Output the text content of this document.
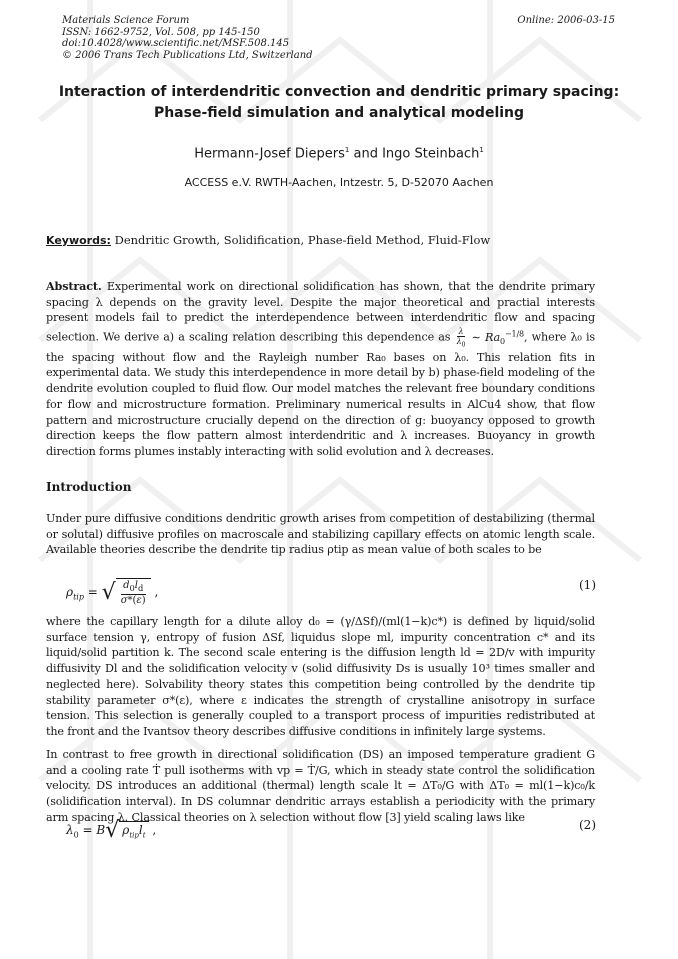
Materials Science Forum
ISSN: 1662-9752, Vol. 508, pp 145-150
doi:10.4028/www.scientific.net/MSF.508.145
© 2006 Trans Tech Publications Ltd, Switzerland
Online: 2006-03-15
Interaction of interdendritic convection and dendritic primary spacing:
Phase-field simulation and analytical modeling
Hermann-Josef Diepers$^1$ and Ingo Steinbach$^1$
ACCESS e.V. RWTH-Aachen, Intzestr. 5, D-52070 Aachen
Keywords: Dendritic Growth, Solidification, Phase-field Method, Fluid-Flow
Abstract. Experimental work on directional solidification has shown, that the dendrite primary spacing λ depends on the gravity level. Despite the major theoretical and practial interests present models fail to predict the interdependence between interdendritic flow and spacing selection. We derive a) a scaling relation describing this dependence as $\frac{\lambda}{\lambda_0}$ ∼ $Ra_0^{-1/8}$, where λ₀ is the spacing without flow and the Rayleigh number Ra₀ bases on λ₀. This relation fits in experimental data. We study this interdependence in more detail by b) phase-field modeling of the dendrite evolution coupled to fluid flow. Our model matches the relevant free boundary conditions for flow and microstructure formation. Preliminary numerical results in AlCu4 show, that flow pattern and microstructure crucially depend on the direction of g: buoyancy opposed to growth direction keeps the flow pattern almost interdendritic and λ increases. Buoyancy in growth direction forms plumes instably interacting with solid evolution and λ decreases.
Introduction
Under pure diffusive conditions dendritic growth arises from competition of destabilizing (thermal or solutal) diffusive profiles on macroscale and stabilizing capillary effects on atomic length scale. Available theories describe the dendrite tip radius ρtip as mean value of both scales to be
$\rho_{tip}$ = √ $\frac{d_0l_d}{\sigma*(\varepsilon)}$ ,	(1)
where the capillary length for a dilute alloy d₀ = (γ/ΔSf)/(ml(1−k)c*) is defined by liquid/solid surface tension γ, entropy of fusion ΔSf, liquidus slope ml, impurity concentration c* and its liquid/solid partition k. The second scale entering is the diffusion length ld = 2D/v with impurity diffusivity Dl and the solidification velocity v (solid diffusivity Ds is usually 10³ times smaller and neglected here). Solvability theory states this competition being controlled by the dendrite tip stability parameter σ*(ε), where ε indicates the strength of crystalline anisotropy in surface tension. This selection is generally coupled to a transport process of impurities redistributed at the front and the Ivantsov theory describes diffusive conditions in infinitely large systems.
In contrast to free growth in directional solidification (DS) an imposed temperature gradient G and a cooling rate Ṫ pull isotherms with vp = Ṫ/G, which in steady state control the solidification velocity. DS introduces an additional (thermal) length scale lt = ΔT₀/G with ΔT₀ = ml(1−k)c₀/k (solidification interval). In DS columnar dendritic arrays establish a periodicity with the primary arm spacing λ. Classical theories on λ selection without flow [3] yield scaling laws like
$\lambda_0 = B√$ $\rho_{tip}l_t$ ,	(2)
